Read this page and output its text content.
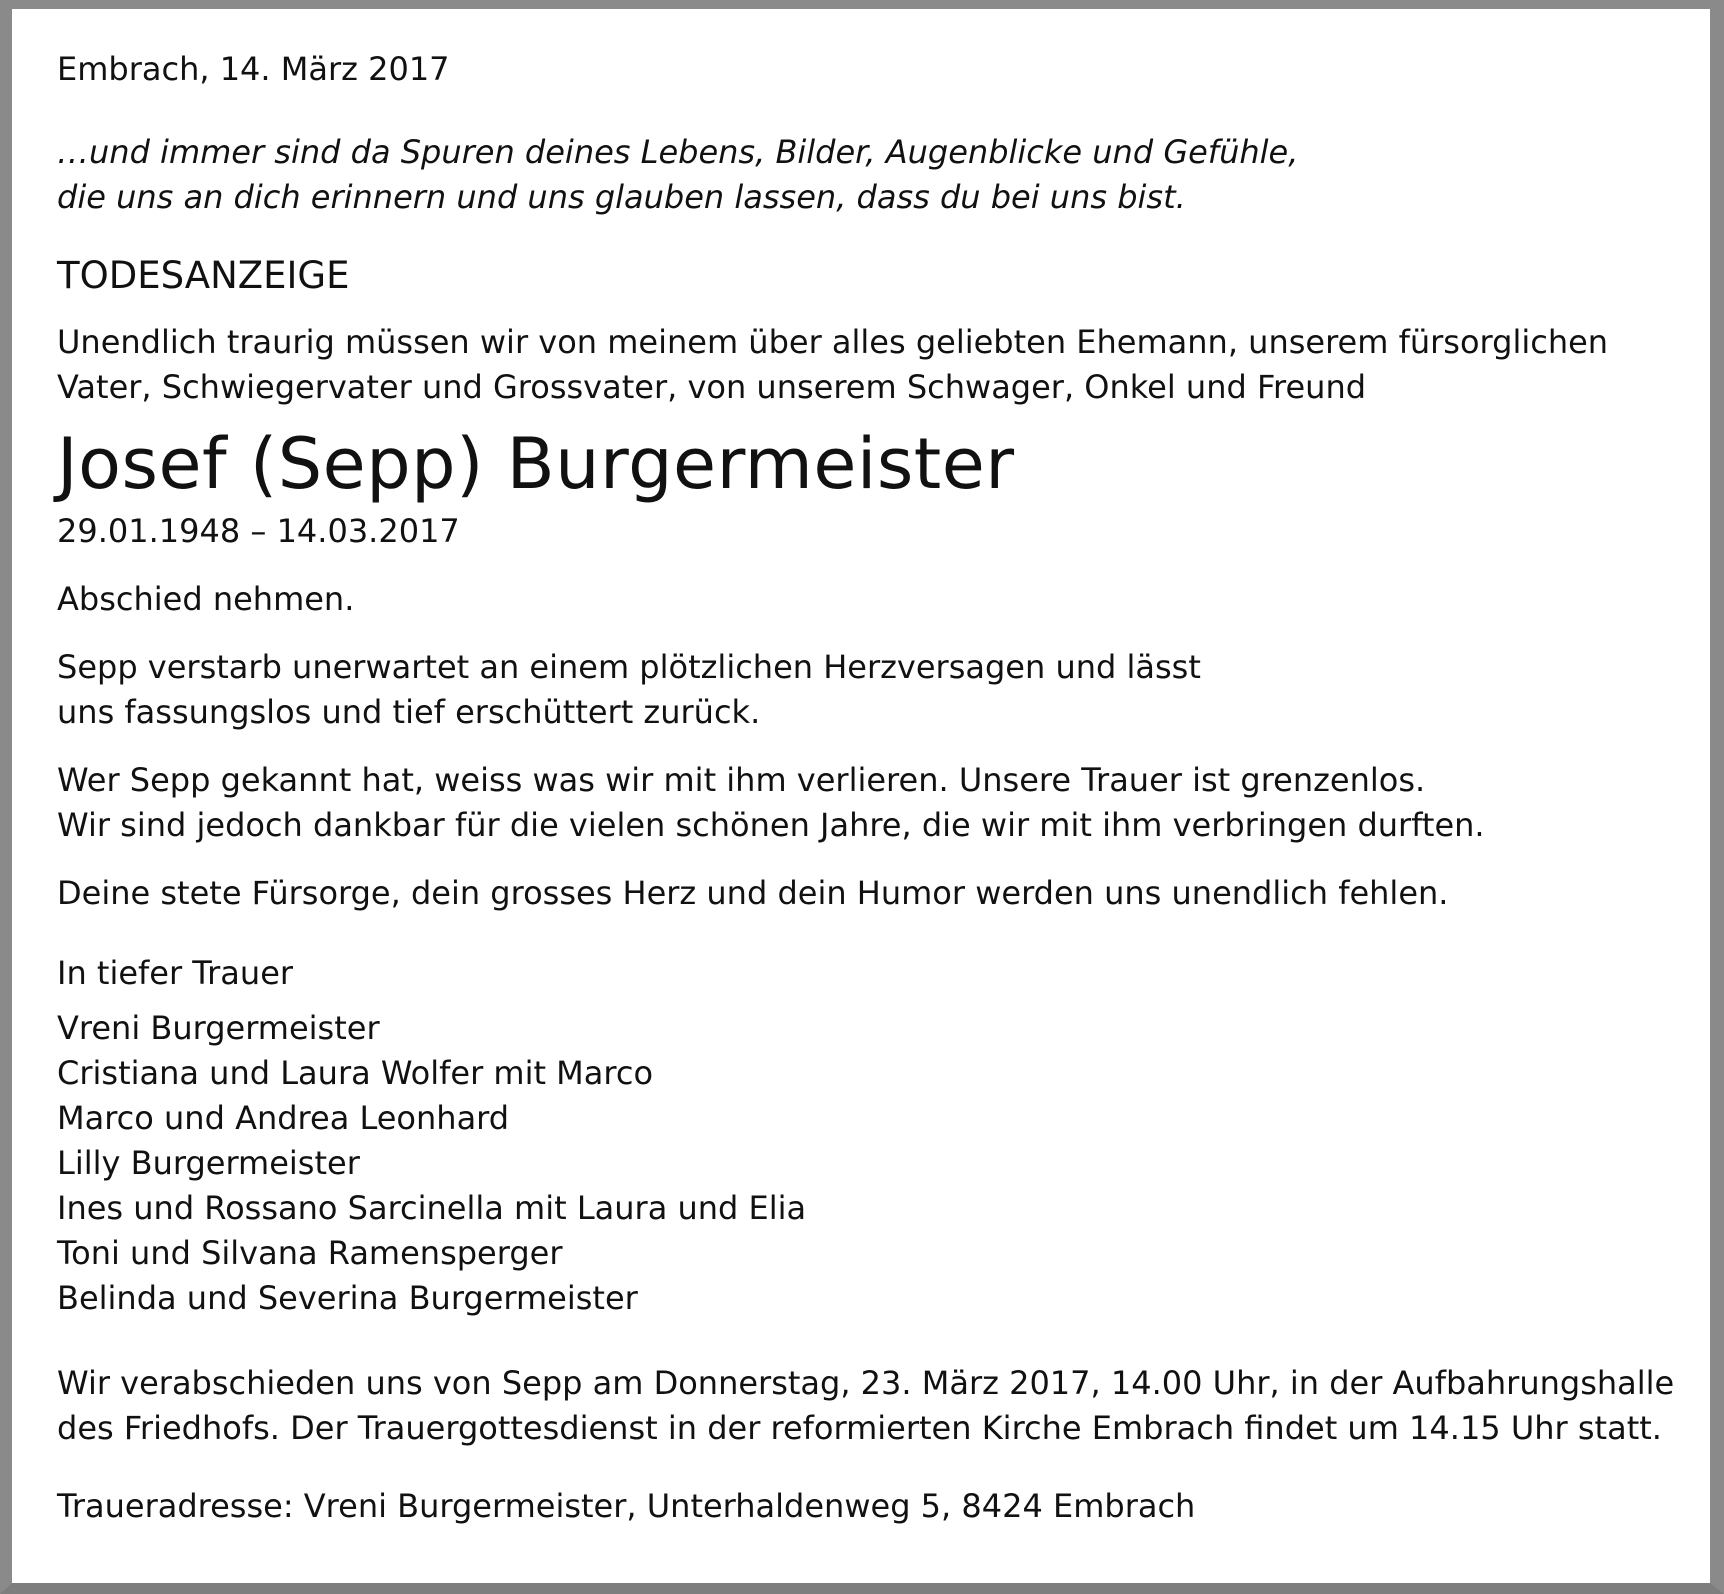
Embrach, 14. März 2017
…und immer sind da Spuren deines Lebens, Bilder, Augenblicke und Gefühle,
die uns an dich erinnern und uns glauben lassen, dass du bei uns bist.
TODESANZEIGE
Unendlich traurig müssen wir von meinem über alles geliebten Ehemann, unserem fürsorglichen
Vater, Schwiegervater und Grossvater, von unserem Schwager, Onkel und Freund
Josef (Sepp) Burgermeister
29.01.1948 – 14.03.2017
Abschied nehmen.
Sepp verstarb unerwartet an einem plötzlichen Herzversagen und lässt
uns fassungslos und tief erschüttert zurück.
Wer Sepp gekannt hat, weiss was wir mit ihm verlieren. Unsere Trauer ist grenzenlos.
Wir sind jedoch dankbar für die vielen schönen Jahre, die wir mit ihm verbringen durften.
Deine stete Fürsorge, dein grosses Herz und dein Humor werden uns unendlich fehlen.
In tiefer Trauer
Vreni Burgermeister
Cristiana und Laura Wolfer mit Marco
Marco und Andrea Leonhard
Lilly Burgermeister
Ines und Rossano Sarcinella mit Laura und Elia
Toni und Silvana Ramensperger
Belinda und Severina Burgermeister
Wir verabschieden uns von Sepp am Donnerstag, 23. März 2017, 14.00 Uhr, in der Aufbahrungshalle
des Friedhofs. Der Trauergottesdienst in der reformierten Kirche Embrach findet um 14.15 Uhr statt.
Traueradresse: Vreni Burgermeister, Unterhaldenweg 5, 8424 Embrach
